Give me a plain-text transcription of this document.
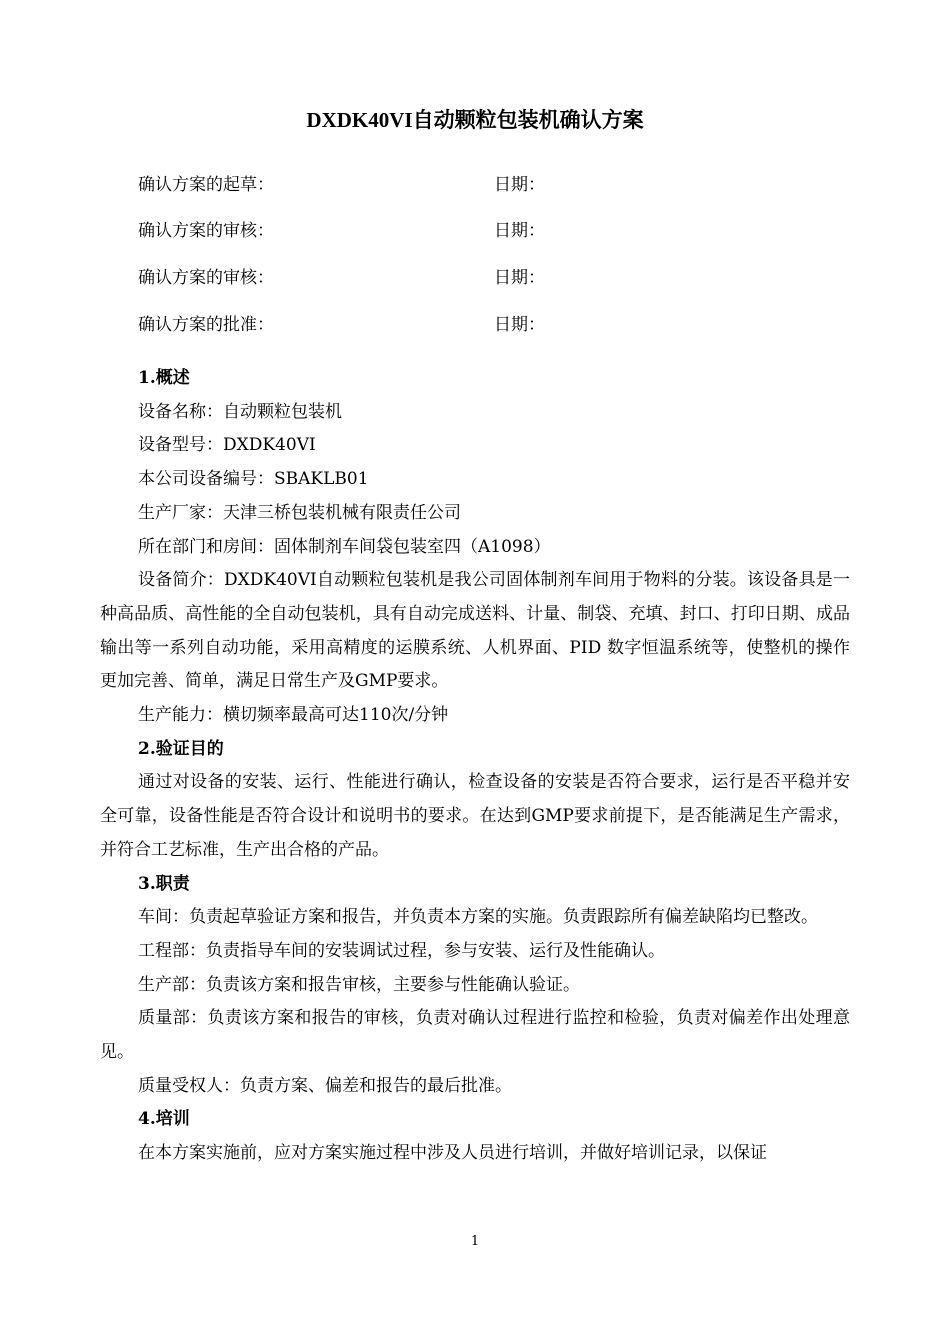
DXDK40VI自动颗粒包装机确认方案
确认方案的起草：	日期：
确认方案的审核：	日期：
确认方案的审核：	日期：
确认方案的批准：	日期：
1.概述

设备名称：自动颗粒包装机

设备型号：DXDK40VI

本公司设备编号：SBAKLB01

生产厂家：天津三桥包装机械有限责任公司

所在部门和房间：固体制剂车间袋包装室四（A1098）

设备简介：DXDK40VI自动颗粒包装机是我公司固体制剂车间用于物料的分装。该设备具是一种高品质、高性能的全自动包装机，具有自动完成送料、计量、制袋、充填、封口、打印日期、成品输出等一系列自动功能，采用高精度的运膜系统、人机界面、PID 数字恒温系统等，使整机的操作更加完善、简单，满足日常生产及GMP要求。

生产能力：横切频率最高可达110次/分钟

2.验证目的

通过对设备的安装、运行、性能进行确认，检查设备的安装是否符合要求，运行是否平稳并安全可靠，设备性能是否符合设计和说明书的要求。在达到GMP要求前提下，是否能满足生产需求，并符合工艺标准，生产出合格的产品。

3.职责

车间：负责起草验证方案和报告，并负责本方案的实施。负责跟踪所有偏差缺陷均已整改。

工程部：负责指导车间的安装调试过程，参与安装、运行及性能确认。

生产部：负责该方案和报告审核，主要参与性能确认验证。

质量部：负责该方案和报告的审核，负责对确认过程进行监控和检验，负责对偏差作出处理意见。

质量受权人：负责方案、偏差和报告的最后批准。

4.培训

在本方案实施前，应对方案实施过程中涉及人员进行培训，并做好培训记录，以保证

1
